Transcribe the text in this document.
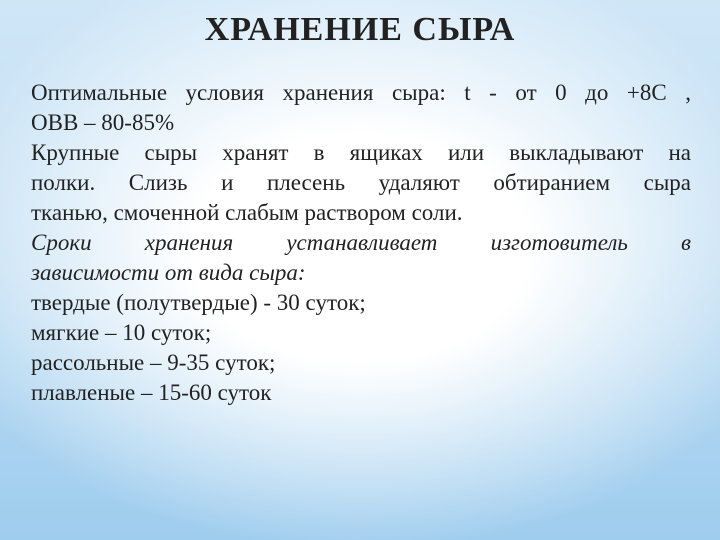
ХРАНЕНИЕ СЫРА
Оптимальные условия хранения сыра: t - от 0 до +8С ,
ОВВ – 80-85%
Крупные сыры хранят в ящиках или выкладывают на
полки. Слизь и плесень удаляют обтиранием сыра
тканью, смоченной слабым раствором соли.
Сроки хранения устанавливает изготовитель в
зависимости от вида сыра:
твердые (полутвердые) - 30 суток;
мягкие – 10 суток;
рассольные – 9-35 суток;
плавленые – 15-60 суток
